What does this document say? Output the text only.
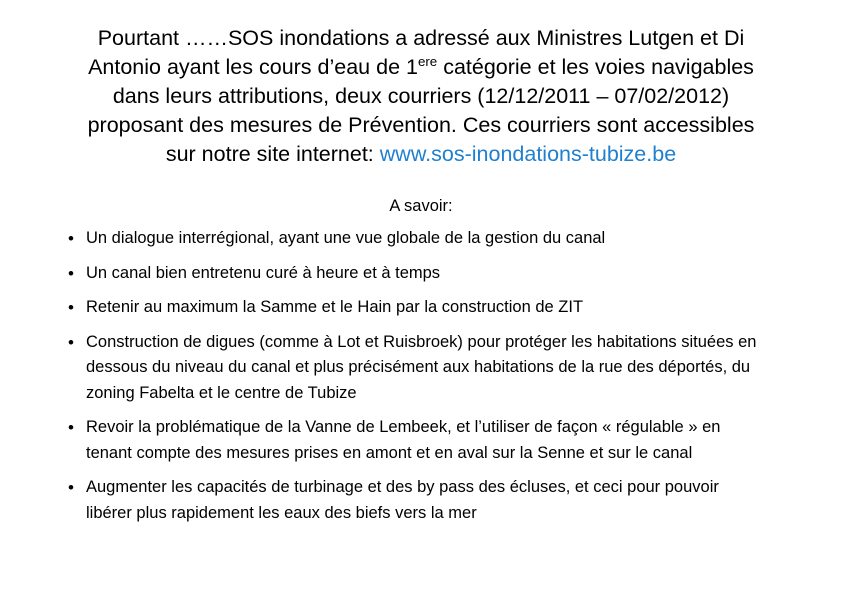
Pourtant ……SOS inondations a adressé aux Ministres Lutgen et Di
Antonio ayant les cours d’eau de 1ere catégorie et les voies navigables
dans leurs attributions, deux courriers (12/12/2011 – 07/02/2012)
proposant des mesures de Prévention. Ces courriers sont accessibles
sur notre site internet: www.sos-inondations-tubize.be
A savoir:
• Un dialogue interrégional, ayant une vue globale de la gestion du canal
• Un canal bien entretenu curé à heure et à temps
• Retenir au maximum la Samme et le Hain par la construction de ZIT
• Construction de digues (comme à Lot et Ruisbroek) pour protéger les habitations situées en dessous du niveau du canal et plus précisément aux habitations de la rue des déportés, du zoning Fabelta et le centre de Tubize
• Revoir la problématique de la Vanne de Lembeek, et l’utiliser de façon « régulable » en tenant compte des mesures prises en amont et en aval sur la Senne et sur le canal
• Augmenter les capacités de turbinage et des by pass des écluses, et ceci pour pouvoir libérer plus rapidement les eaux des biefs vers la mer
